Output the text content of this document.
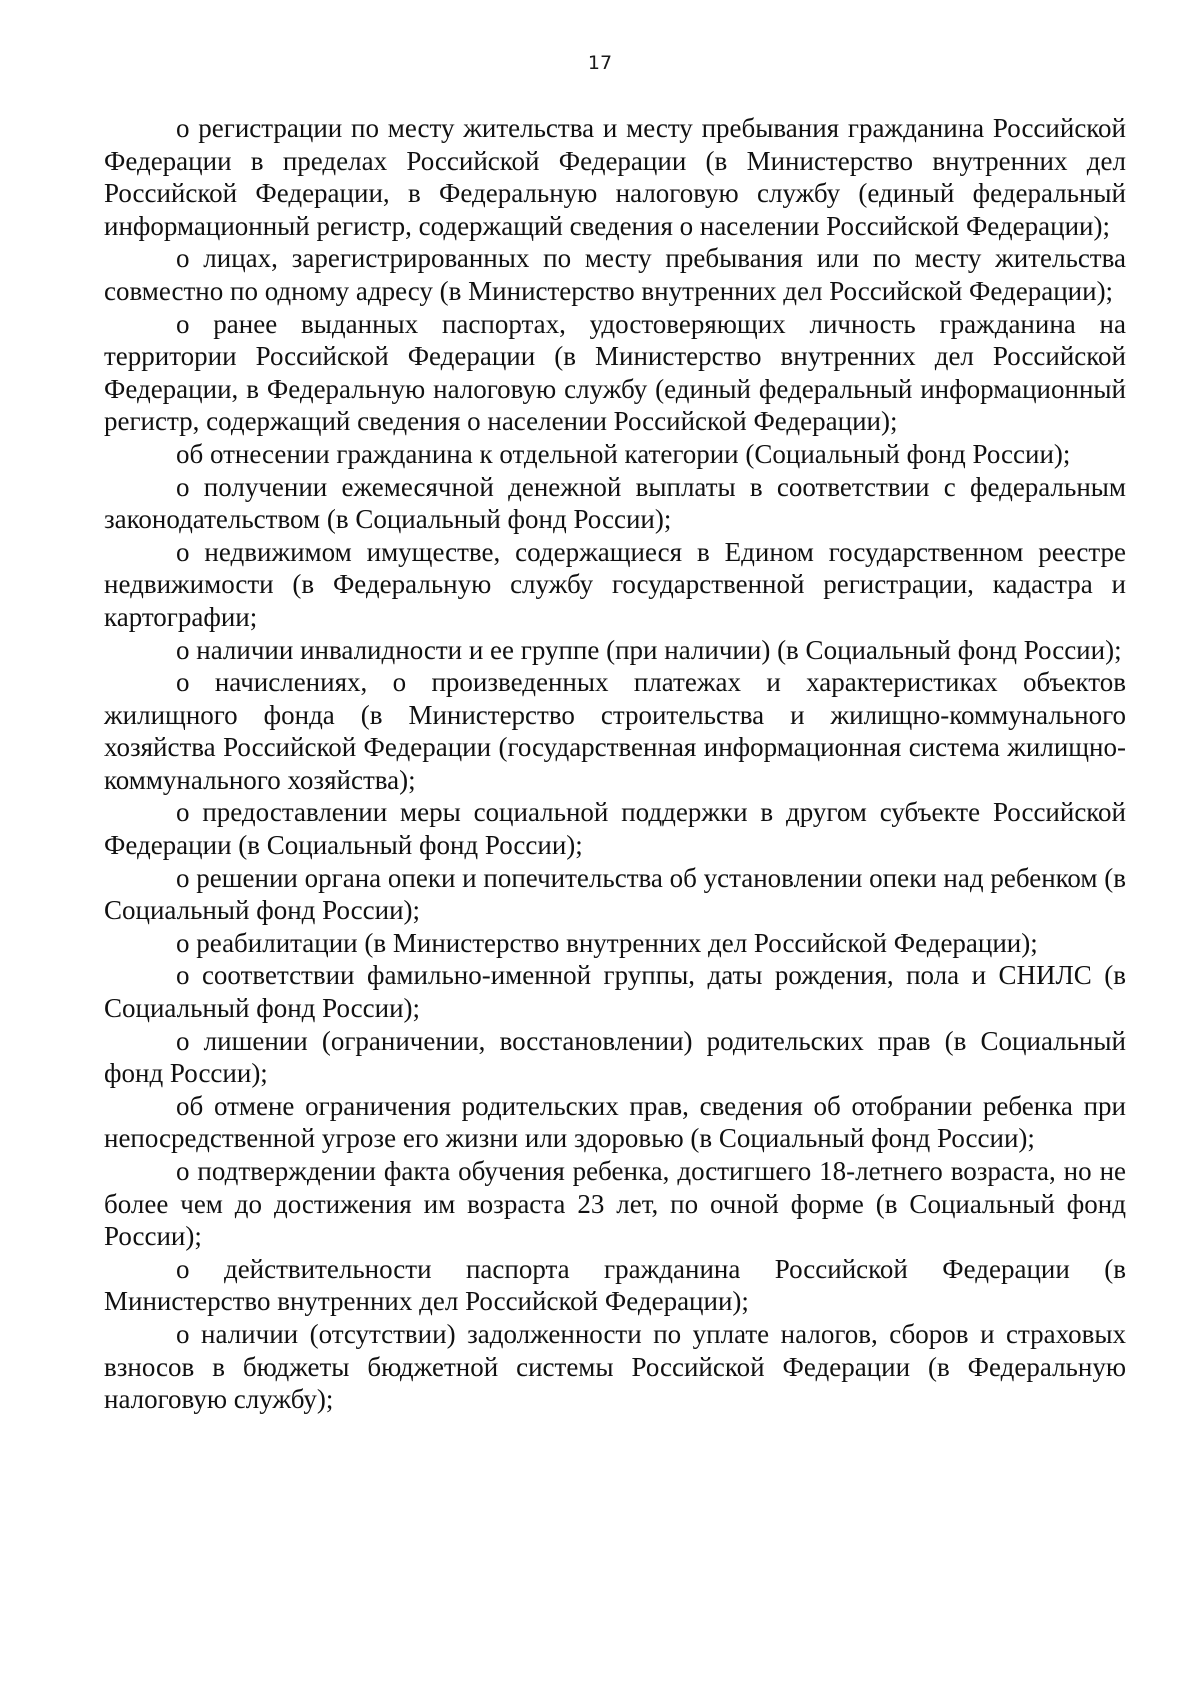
17

о регистрации по месту жительства и месту пребывания гражданина Российской Федерации в пределах Российской Федерации (в Министерство внутренних дел Российской Федерации, в Федеральную налоговую службу (единый федеральный информационный регистр, содержащий сведения о населении Российской Федерации);

о лицах, зарегистрированных по месту пребывания или по месту жительства совместно по одному адресу (в Министерство внутренних дел Российской Федерации);

о ранее выданных паспортах, удостоверяющих личность гражданина на территории Российской Федерации (в Министерство внутренних дел Российской Федерации, в Федеральную налоговую службу (единый федеральный информационный регистр, содержащий сведения о населении Российской Федерации);

об отнесении гражданина к отдельной категории (Социальный фонд России);

о получении ежемесячной денежной выплаты в соответствии с федеральным законодательством (в Социальный фонд России);

о недвижимом имуществе, содержащиеся в Едином государственном реестре недвижимости (в Федеральную службу государственной регистрации, кадастра и картографии;

о наличии инвалидности и ее группе (при наличии) (в Социальный фонд России);

о начислениях, о произведенных платежах и характеристиках объектов жилищного фонда (в Министерство строительства и жилищно-коммунального хозяйства Российской Федерации (государственная информационная система жилищно-коммунального хозяйства);

о предоставлении меры социальной поддержки в другом субъекте Российской Федерации (в Социальный фонд России);

о решении органа опеки и попечительства об установлении опеки над ребенком (в Социальный фонд России);

о реабилитации (в Министерство внутренних дел Российской Федерации);

о соответствии фамильно-именной группы, даты рождения, пола и СНИЛС (в Социальный фонд России);

о лишении (ограничении, восстановлении) родительских прав (в Социальный фонд России);

об отмене ограничения родительских прав, сведения об отобрании ребенка при непосредственной угрозе его жизни или здоровью (в Социальный фонд России);

о подтверждении факта обучения ребенка, достигшего 18-летнего возраста, но не более чем до достижения им возраста 23 лет, по очной форме (в Социальный фонд России);

о действительности паспорта гражданина Российской Федерации (в Министерство внутренних дел Российской Федерации);

о наличии (отсутствии) задолженности по уплате налогов, сборов и страховых взносов в бюджеты бюджетной системы Российской Федерации (в Федеральную налоговую службу);
